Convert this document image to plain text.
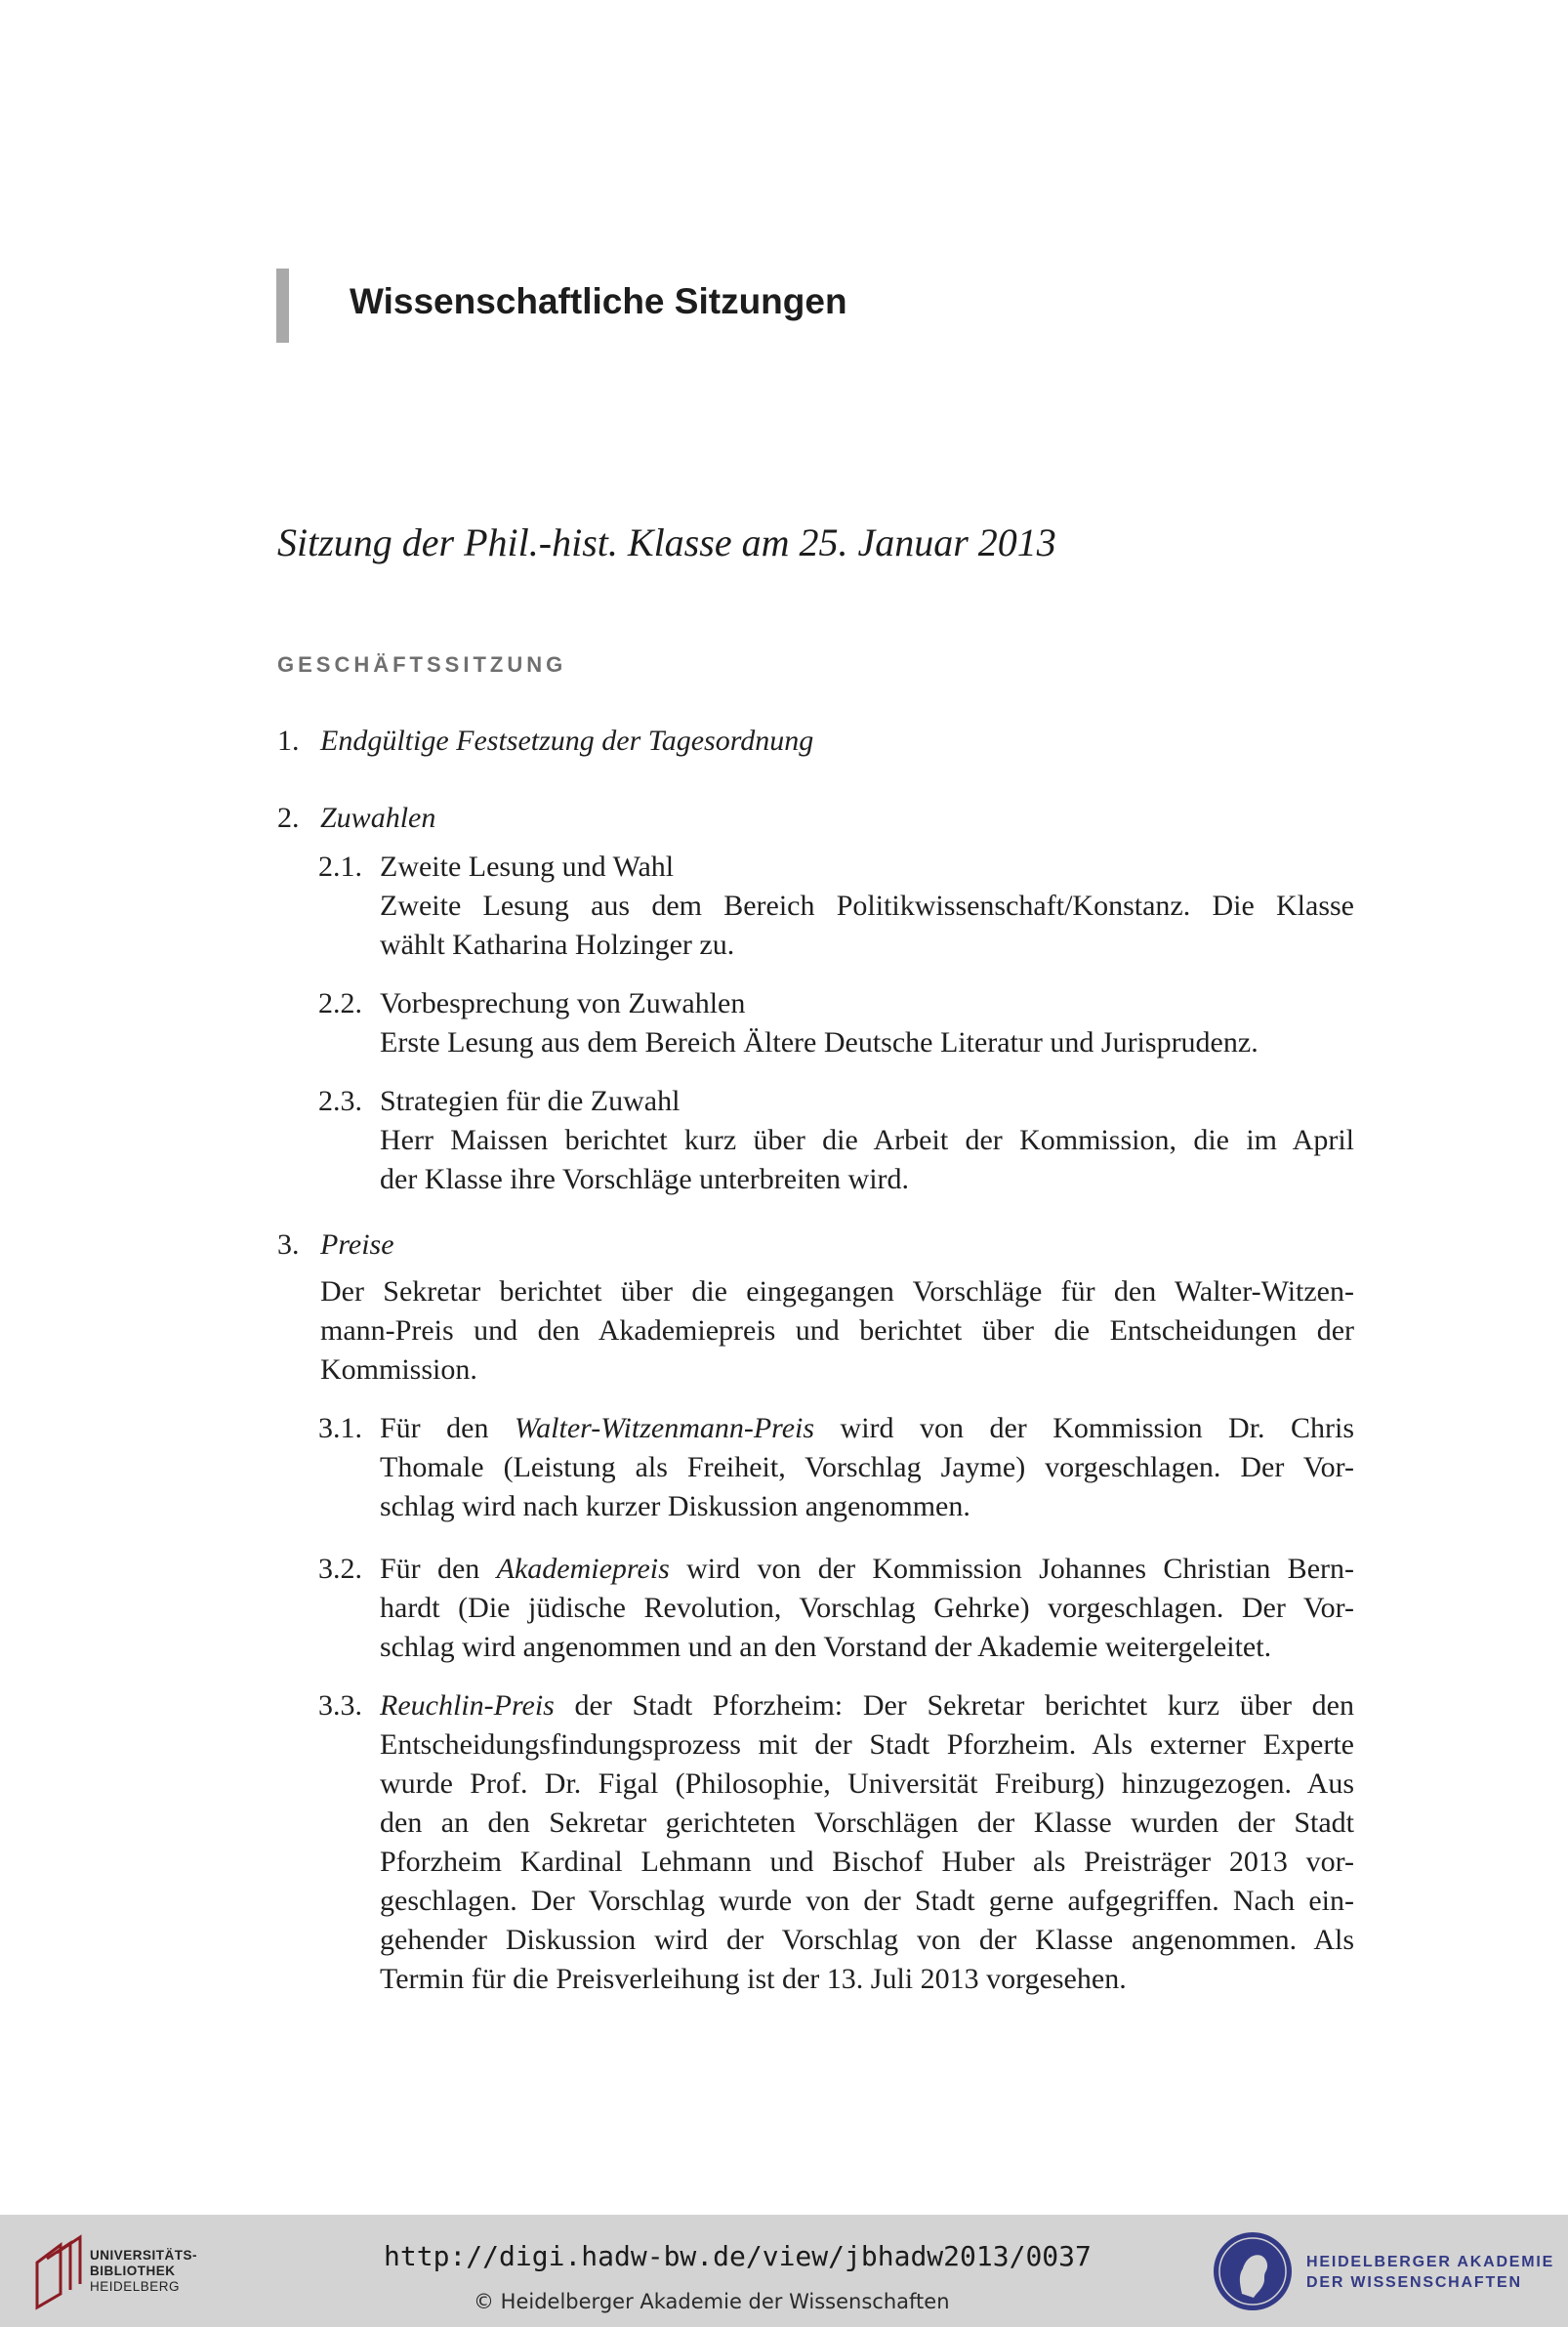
Wissenschaftliche Sitzungen
Sitzung der Phil.-hist. Klasse am 25. Januar 2013
GESCHÄFTSSITZUNG
1. Endgültige Festsetzung der Tagesordnung
2. Zuwahlen
2.1. Zweite Lesung und Wahl
Zweite Lesung aus dem Bereich Politikwissenschaft/Konstanz. Die Klasse
wählt Katharina Holzinger zu.
2.2. Vorbesprechung von Zuwahlen
Erste Lesung aus dem Bereich Ältere Deutsche Literatur und Jurisprudenz.
2.3. Strategien für die Zuwahl
Herr Maissen berichtet kurz über die Arbeit der Kommission, die im April
der Klasse ihre Vorschläge unterbreiten wird.
3. Preise
Der Sekretar berichtet über die eingegangen Vorschläge für den Walter-Witzen-
mann-Preis und den Akademiepreis und berichtet über die Entscheidungen der
Kommission.
3.1. Für den Walter-Witzenmann-Preis wird von der Kommission Dr. Chris
Thomale (Leistung als Freiheit, Vorschlag Jayme) vorgeschlagen. Der Vor-
schlag wird nach kurzer Diskussion angenommen.
3.2. Für den Akademiepreis wird von der Kommission Johannes Christian Bern-
hardt (Die jüdische Revolution, Vorschlag Gehrke) vorgeschlagen. Der Vor-
schlag wird angenommen und an den Vorstand der Akademie weitergeleitet.
3.3. Reuchlin-Preis der Stadt Pforzheim: Der Sekretar berichtet kurz über den
Entscheidungsfindungsprozess mit der Stadt Pforzheim. Als externer Experte
wurde Prof. Dr. Figal (Philosophie, Universität Freiburg) hinzugezogen. Aus
den an den Sekretar gerichteten Vorschlägen der Klasse wurden der Stadt
Pforzheim Kardinal Lehmann und Bischof Huber als Preisträger 2013 vor-
geschlagen. Der Vorschlag wurde von der Stadt gerne aufgegriffen. Nach ein-
gehender Diskussion wird der Vorschlag von der Klasse angenommen. Als
Termin für die Preisverleihung ist der 13. Juli 2013 vorgesehen.
UNIVERSITÄTS-
BIBLIOTHEK
HEIDELBERG
http://digi.hadw-bw.de/view/jbhadw2013/0037
© Heidelberger Akademie der Wissenschaften
HEIDELBERGER AKADEMIE
DER WISSENSCHAFTEN
